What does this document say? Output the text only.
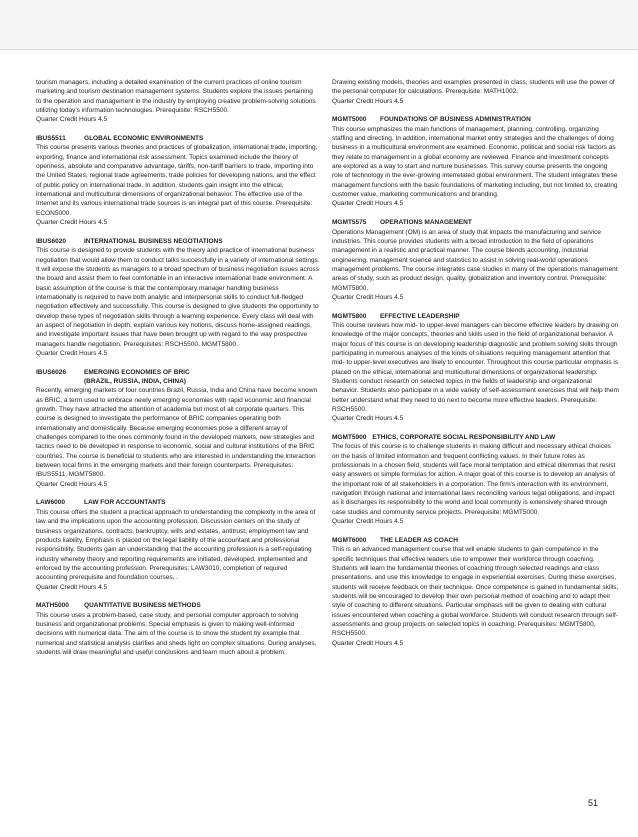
tourism managers, including a detailed examination of the current practices of online tourism marketing and tourism destination management systems. Students explore the issues pertaining to the operation and management in the industry by employing creative problem-solving solutions utilizing today’s information technologies. Prerequisite: RSCH5500.

Quarter Credit Hours 4.5

IBUS5511	GLOBAL ECONOMIC ENVIRONMENTS

This course presents various theories and practices of globalization, international trade, importing, exporting, finance and international risk assessment. Topics examined include the theory of openness, absolute and comparative advantage, tariffs, non-tariff barriers to trade, importing into the United States, regional trade agreements, trade policies for developing nations, and the effect of public policy on international trade. In addition, students gain insight into the ethical, international and multicultural dimensions of organizational behavior. The effective use of the Internet and its various international trade sources is an integral part of this course. Prerequisite: ECON5000.

Quarter Credit Hours 4.5

IBUS6020	INTERNATIONAL BUSINESS NEGOTIATIONS

This course is designed to provide students with the theory and practice of international business negotiation that would allow them to conduct talks successfully in a variety of international settings. It will expose the students as managers to a broad spectrum of business negotiation issues across the board and assist them to feel comfortable in an interactive international trade environment. A basic assumption of the course is that the contemporary manager handling business internationally is required to have both analytic and interpersonal skills to conduct full-fledged negotiation effectively and successfully. This course is designed to give students the opportunity to develop these types of negotiation skills through a learning experience. Every class will deal with an aspect of negotiation in depth, explain various key notions, discuss home-assigned readings, and investigate important issues that have been brought up with regard to the way prospective managers handle negotiation. Prerequisites: RSCH5500, MGMT5800.

Quarter Credit Hours 4.5

IBUS6026	EMERGING ECONOMIES OF BRIC

(BRAZIL, RUSSIA, INDIA, CHINA)

Recently, emerging markets of four countries Brazil, Russia, India and China have become known as BRIC, a term used to embrace newly emerging economies with rapid economic and financial growth. They have attracted the attention of academia but most of all corporate quarters. This course is designed to investigate the performance of BRIC companies operating both internationally and domestically. Because emerging economies pose a different array of challenges compared to the ones commonly found in the developed markets, new strategies and tactics need to be developed in response to economic, social and cultural institutions of the BRIC countries. The course is beneficial to students who are interested in understanding the interaction between local firms in the emerging markets and their foreign counterparts. Prerequisites: IBUS5511, MGMT5800.

Quarter Credit Hours 4.5

LAW6000	LAW FOR ACCOUNTANTS

This course offers the student a practical approach to understanding the complexity in the area of law and the implications upon the accounting profession. Discussion centers on the study of business organizations, contracts, bankruptcy, wills and estates, antitrust, employment law and products liability. Emphasis is placed on the legal liability of the accountant and professional responsibility. Students gain an understanding that the accounting profession is a self-regulating industry whereby theory and reporting requirements are initiated, developed, implemented and enforced by the accounting profession. Prerequisites: LAW3010, completion of required accounting prerequisite and foundation courses. .

Quarter Credit Hours 4.5

MATH5000	QUANTITATIVE BUSINESS METHODS

This course uses a problem-based, case study, and personal computer approach to solving business and organizational problems. Special emphasis is given to making well-informed decisions with numerical data. The aim of the course is to show the student by example that numerical and statistical analysis clarifies and sheds light on complex situations. During analyses, students will draw meaningful and useful conclusions and learn much about a problem.

Drawing existing models, theories and examples presented in class, students will use the power of the personal computer for calculations. Prerequisite: MATH1002.

Quarter Credit Hours 4.5

MGMT5000	FOUNDATIONS OF BUSINESS ADMINISTRATION

This course emphasizes the main functions of management, planning, controlling, organizing staffing and directing. In addition, international market entry strategies and the challenges of doing business in a multicultural environment are examined. Economic, political and social risk factors as they relate to management in a global economy are reviewed. Finance and investment concepts are explored as a way to start and nurture businesses. This survey course presents the ongoing role of technology in the ever-growing interrelated global environment. The student integrates these management functions with the basic foundations of marketing including, but not limited to, creating customer value, marketing communications and branding.

Quarter Credit Hours 4.5

MGMT5575	OPERATIONS MANAGEMENT

Operations Management (OM) is an area of study that impacts the manufacturing and service industries. This course provides students with a broad introduction to the field of operations management in a realistic and practical manner. The course blends accounting, industrial engineering, management science and statistics to assist in solving real-world operations management problems. The course integrates case studies in many of the operations management areas of study, such as product design, quality, globalization and inventory control. Prerequisite: MGMT5800.

Quarter Credit Hours 4.5

MGMT5800	EFFECTIVE LEADERSHIP

This course reviews how mid- to upper-level managers can become effective leaders by drawing on knowledge of the major concepts, theories and skills used in the field of organizational behavior. A major focus of this course is on developing leadership diagnostic and problem solving skills through participating in numerous analyses of the kinds of situations requiring management attention that mid- to upper-level executives are likely to encounter. Throughout this course particular emphasis is placed on the ethical, international and multicultural dimensions of organizational leadership. Students conduct research on selected topics in the fields of leadership and organizational behavior. Students also participate in a wide variety of self-assessment exercises that will help them better understand what they need to do next to become more effective leaders. Prerequisite: RSCH5500.

Quarter Credit Hours 4.5

MGMT5900 ETHICS, CORPORATE SOCIAL RESPONSIBILITY AND LAW

The focus of this course is to challenge students in making difficult and necessary ethical choices on the basis of limited information and frequent conflicting values. In their future roles as professionals in a chosen field, students will face moral temptation and ethical dilemmas that resist easy answers or simple formulas for action. A major goal of this course is to develop an analysis of the important role of all stakeholders in a corporation. The firm’s interaction with its environment, navigation through national and international laws reconciling various legal obligations, and impact as it discharges its responsibility to the world and local community is extensively shared through case studies and community service projects. Prerequisite: MGMT5000.

Quarter Credit Hours 4.5

MGMT6000	THE LEADER AS COACH

This is an advanced management course that will enable students to gain competence in the specific techniques that effective leaders use to empower their workforce through coaching. Students will learn the fundamental theories of coaching through selected readings and class presentations, and use this knowledge to engage in experiential exercises. During these exercises, students will receive feedback on their technique. Once competence is gained in fundamental skills, students will be encouraged to develop their own personal method of coaching and to adapt their style of coaching to different situations. Particular emphasis will be given to dealing with cultural issues encountered when coaching a global workforce. Students will conduct research through self-assessments and group projects on selected topics in coaching. Prerequisites: MGMT5800, RSCH5500.

Quarter Credit Hours 4.5

51
